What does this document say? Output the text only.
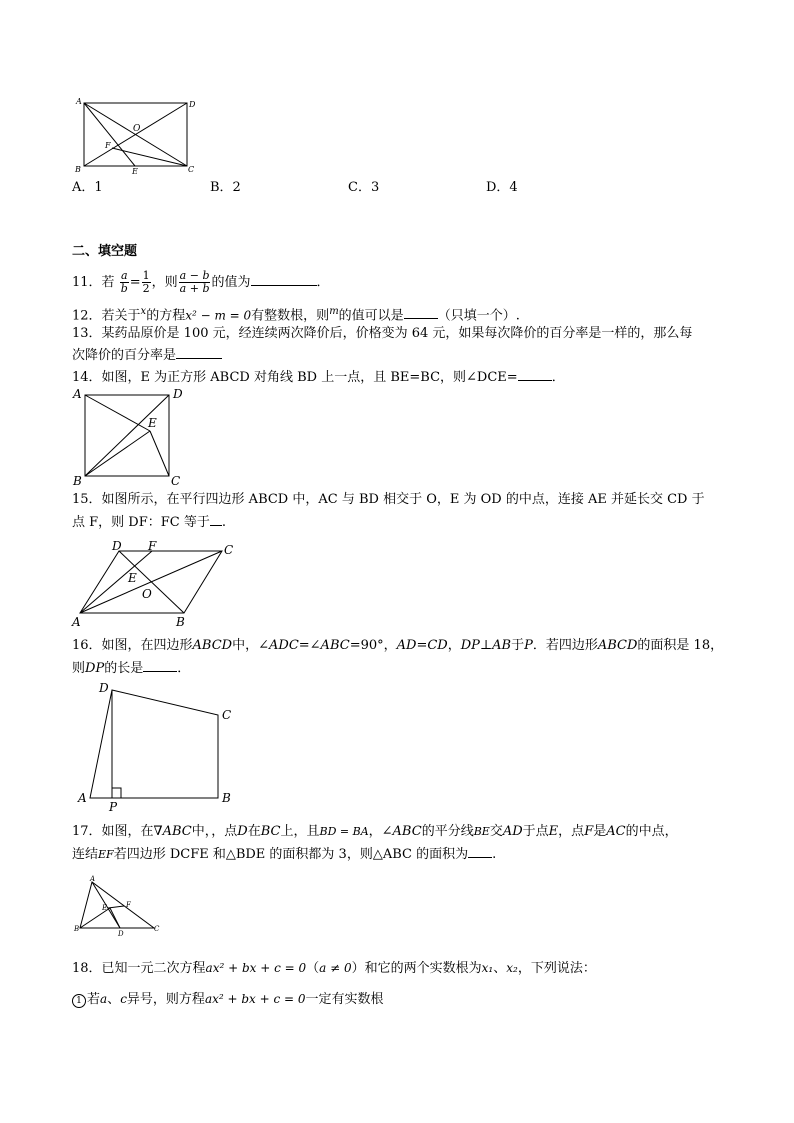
A	D
B	C
O
F
E
A．1	B．2	C．3	D．4
二、填空题
11．若 $\frac{a}{b} = \frac{1}{2}$ ，则 $\frac{a - b}{a + b}$ 的值为	．
12．若关于$^x$的方程x² − m = 0有整数根，则$^m$的值可以是	（只填一个）.
13．某药品原价是 100 元，经连续两次降价后，价格变为 64 元，如果每次降价的百分率是一样的，那么每
次降价的百分率是
14．如图，E 为正方形 ABCD 对角线 BD 上一点，且 BE=BC，则∠DCE=	．
A	D
B	C
E
15．如图所示，在平行四边形 ABCD 中，AC 与 BD 相交于 O，E 为 OD 的中点，连接 AE 并延长交 CD 于
点 F，则 DF：FC 等于 .
A	B
C
D F
E
O
16．如图，在四边形ABCD中，∠ADC=∠ABC=90°，AD=CD，DP⊥AB于P．若四边形ABCD的面积是 18，
则DP的长是	．
A	B
C
D
P
17．如图，在∇ABC中，，点D在BC上，且BD = BA，∠ABC的平分线BE交AD于点E，点F是AC的中点，
连结EF若四边形 DCFE 和△BDE 的面积都为 3，则△ABC 的面积为 .
A
B	C
D
E	F
18．已知一元二次方程ax² + bx + c = 0（a ≠ 0）和它的两个实数根为x₁、x₂，下列说法：
1 若a、c异号，则方程ax² + bx + c = 0一定有实数根
